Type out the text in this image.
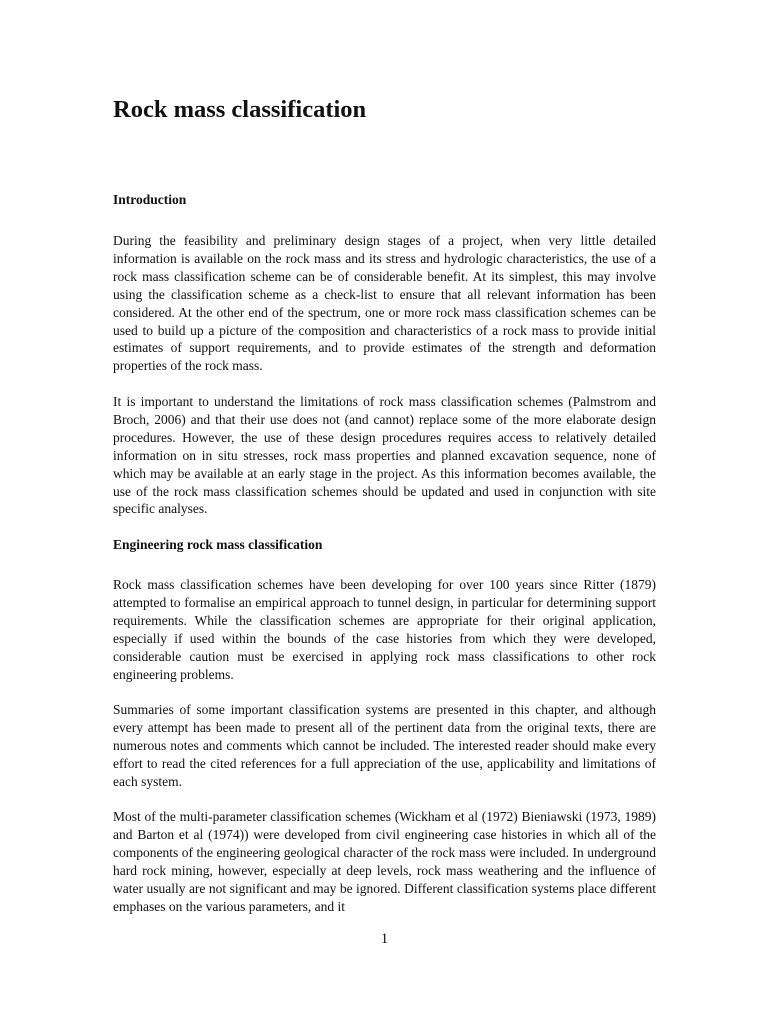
Rock mass classification
Introduction

During the feasibility and preliminary design stages of a project, when very little detailed information is available on the rock mass and its stress and hydrologic characteristics, the use of a rock mass classification scheme can be of considerable benefit. At its simplest, this may involve using the classification scheme as a check-list to ensure that all relevant information has been considered. At the other end of the spectrum, one or more rock mass classification schemes can be used to build up a picture of the composition and characteristics of a rock mass to provide initial estimates of support requirements, and to provide estimates of the strength and deformation properties of the rock mass.

It is important to understand the limitations of rock mass classification schemes (Palmstrom and Broch, 2006) and that their use does not (and cannot) replace some of the more elaborate design procedures. However, the use of these design procedures requires access to relatively detailed information on in situ stresses, rock mass properties and planned excavation sequence, none of which may be available at an early stage in the project. As this information becomes available, the use of the rock mass classification schemes should be updated and used in conjunction with site specific analyses.

Engineering rock mass classification

Rock mass classification schemes have been developing for over 100 years since Ritter (1879) attempted to formalise an empirical approach to tunnel design, in particular for determining support requirements. While the classification schemes are appropriate for their original application, especially if used within the bounds of the case histories from which they were developed, considerable caution must be exercised in applying rock mass classifications to other rock engineering problems.

Summaries of some important classification systems are presented in this chapter, and although every attempt has been made to present all of the pertinent data from the original texts, there are numerous notes and comments which cannot be included. The interested reader should make every effort to read the cited references for a full appreciation of the use, applicability and limitations of each system.

Most of the multi-parameter classification schemes (Wickham et al (1972) Bieniawski (1973, 1989) and Barton et al (1974)) were developed from civil engineering case histories in which all of the components of the engineering geological character of the rock mass were included. In underground hard rock mining, however, especially at deep levels, rock mass weathering and the influence of water usually are not significant and may be ignored. Different classification systems place different emphases on the various parameters, and it

1
